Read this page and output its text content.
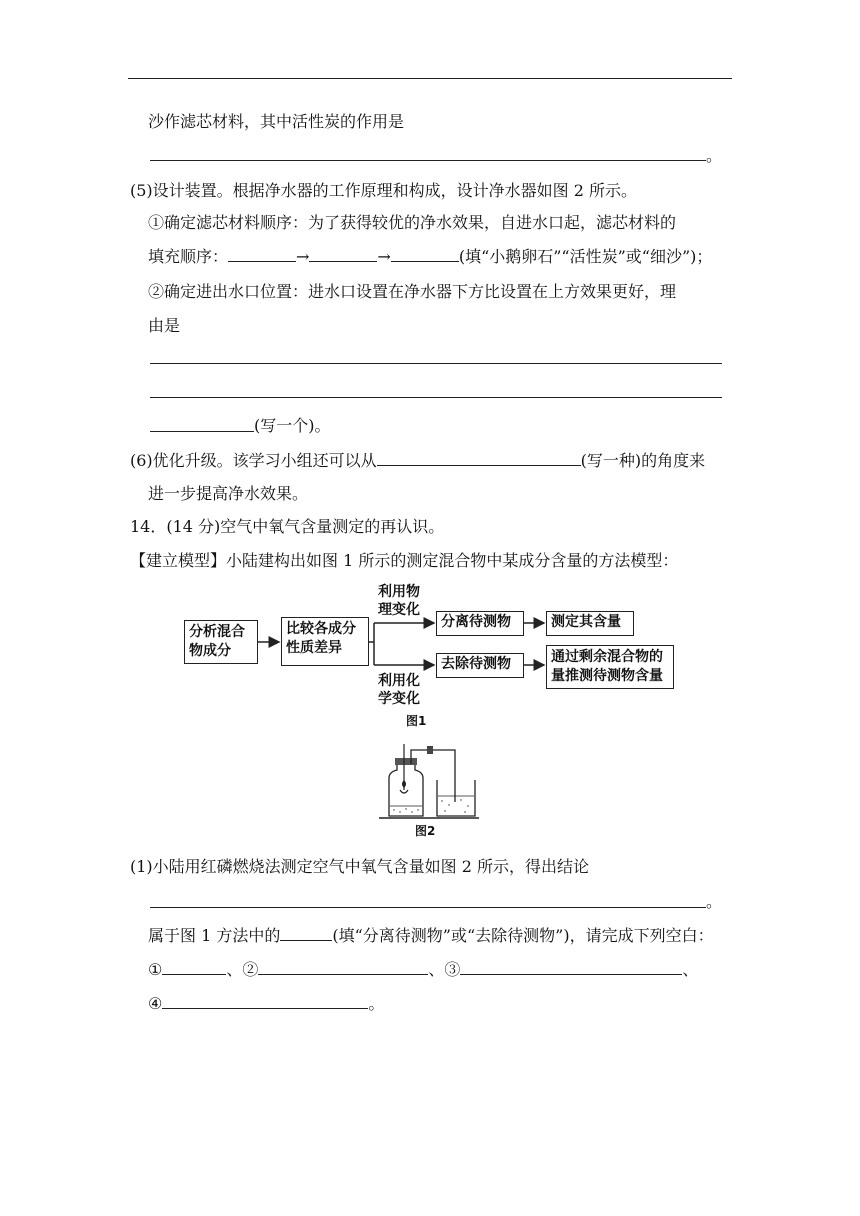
沙作滤芯材料，其中活性炭的作用是
。
(5)设计装置。根据净水器的工作原理和构成，设计净水器如图 2 所示。
①确定滤芯材料顺序：为了获得较优的净水效果，自进水口起，滤芯材料的
填充顺序：	→	→	(填“小鹅卵石”“活性炭”或“细沙”)；
②确定进出水口位置：进水口设置在净水器下方比设置在上方效果更好，理
由是
(写一个)。
(6)优化升级。该学习小组还可以从	(写一种)的角度来
进一步提高净水效果。
14．(14 分)空气中氧气含量测定的再认识。
【建立模型】小陆建构出如图 1 所示的测定混合物中某成分含量的方法模型：
分析混合
物成分
比较各成分
性质差异
利用物
理变化
利用化
学变化
分离待测物	测定其含量
去除待测物	通过剩余混合物的
量推测待测物含量
图1
图2
(1)小陆用红磷燃烧法测定空气中氧气含量如图 2 所示，得出结论
。
属于图 1 方法中的	(填“分离待测物”或“去除待测物”)，请完成下列空白：
①	、②	、③	、
④	。
